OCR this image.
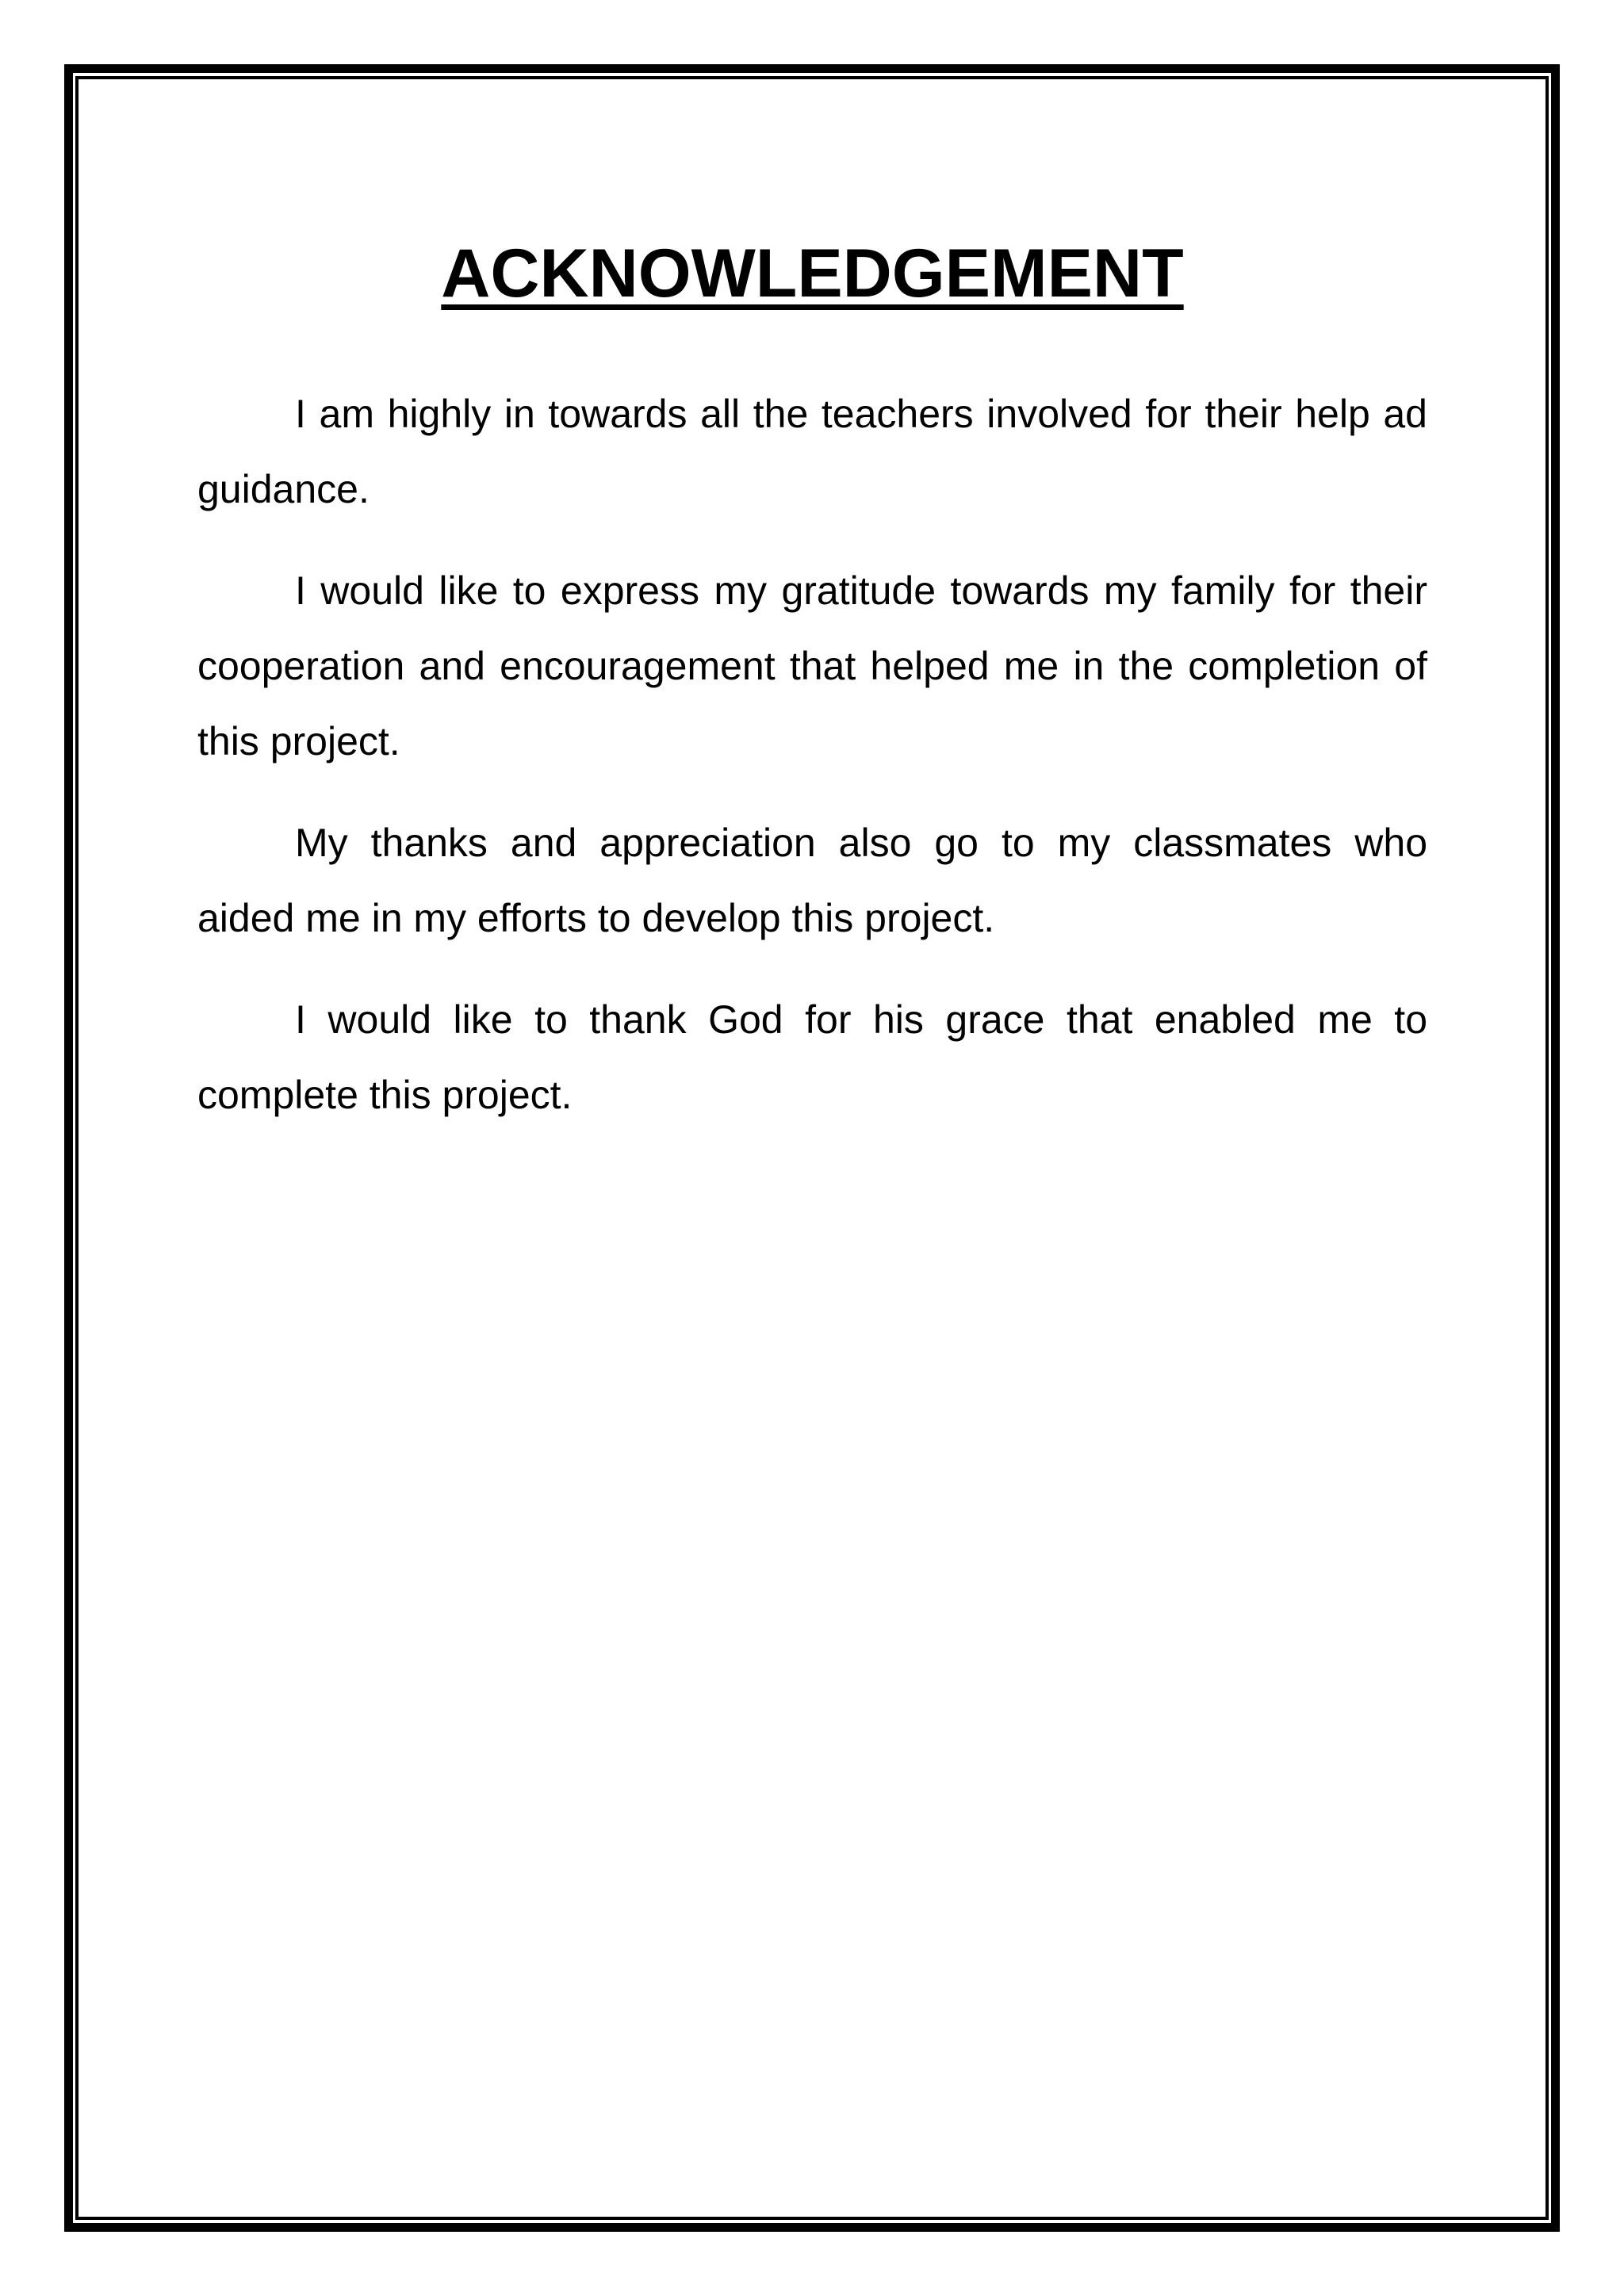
ACKNOWLEDGEMENT

I am highly in towards all the teachers involved for their help ad guidance.

I would like to express my gratitude towards my family for their cooperation and encouragement that helped me in the completion of this project.

My thanks and appreciation also go to my classmates who aided me in my efforts to develop this project.

I would like to thank God for his grace that enabled me to complete this project.
